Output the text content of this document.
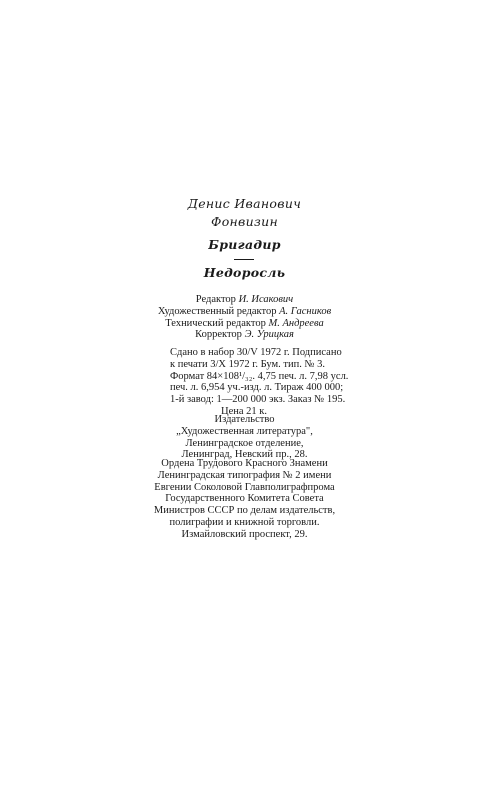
Денис Иванович
Фонвизин
Бригадир
Недоросль
Редактор И. Исакович
Художественный редактор А. Гасников
Технический редактор М. Андреева
Корректор Э. Урицкая
Сдано в набор 30/V 1972 г. Подписано
к печати 3/X 1972 г. Бум. тип. № 3.
Формат 84×108¹/₃₂. 4,75 печ. л. 7,98 усл.
печ. л. 6,954 уч.-изд. л. Тираж 400 000;
1-й завод: 1—200 000 экз. Заказ № 195.
Цена 21 к.
Издательство
„Художественная литература",
Ленинградское отделение,
Ленинград, Невский пр., 28.
Ордена Трудового Красного Знамени
Ленинградская типография № 2 имени
Евгении Соколовой Главполиграфпрома
Государственного Комитета Совета
Министров СССР по делам издательств,
полиграфии и книжной торговли.
Измайловский проспект, 29.
